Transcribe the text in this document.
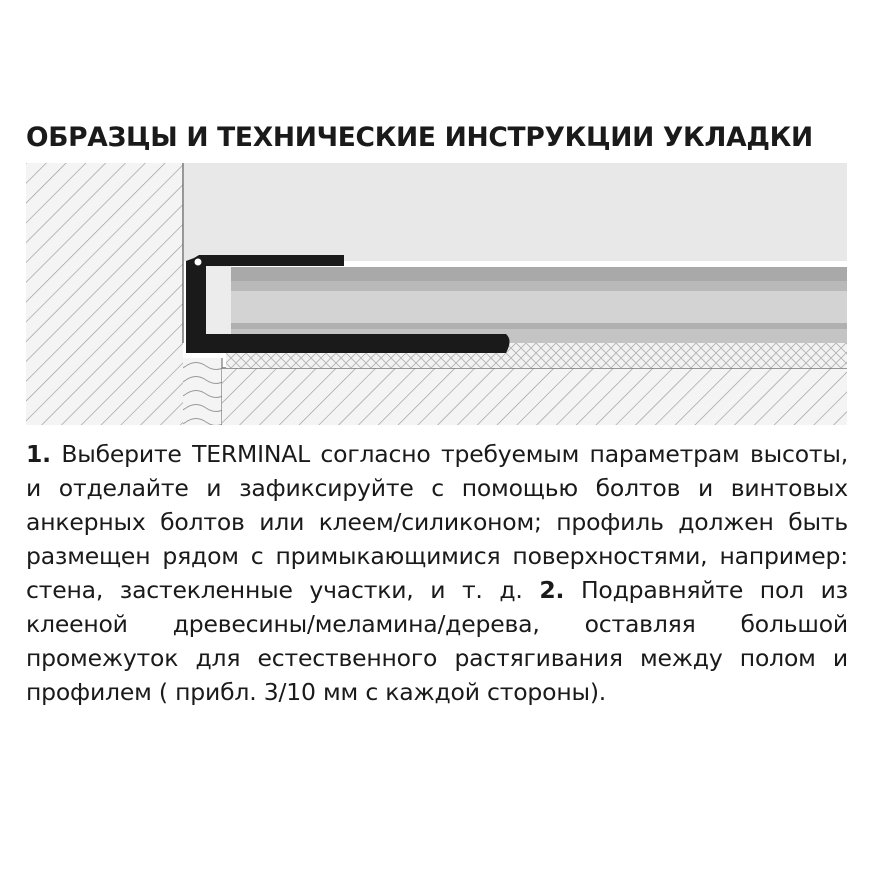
ОБРАЗЦЫ И ТЕХНИЧЕСКИЕ ИНСТРУКЦИИ УКЛАДКИ
1. Выберите TERMINAL согласно требуемым параметрам высоты, и отделайте и зафиксируйте с помощью болтов и винтовых анкерных болтов или клеем/силиконом; профиль должен быть размещен рядом с примыкающимися поверхностями, например: стена, застекленные участки, и т. д. 2. Подравняйте пол из клееной древесины/меламина/дерева, оставляя большой промежуток для естественного растягивания между полом и профилем ( прибл. 3/10 мм с каждой стороны).
